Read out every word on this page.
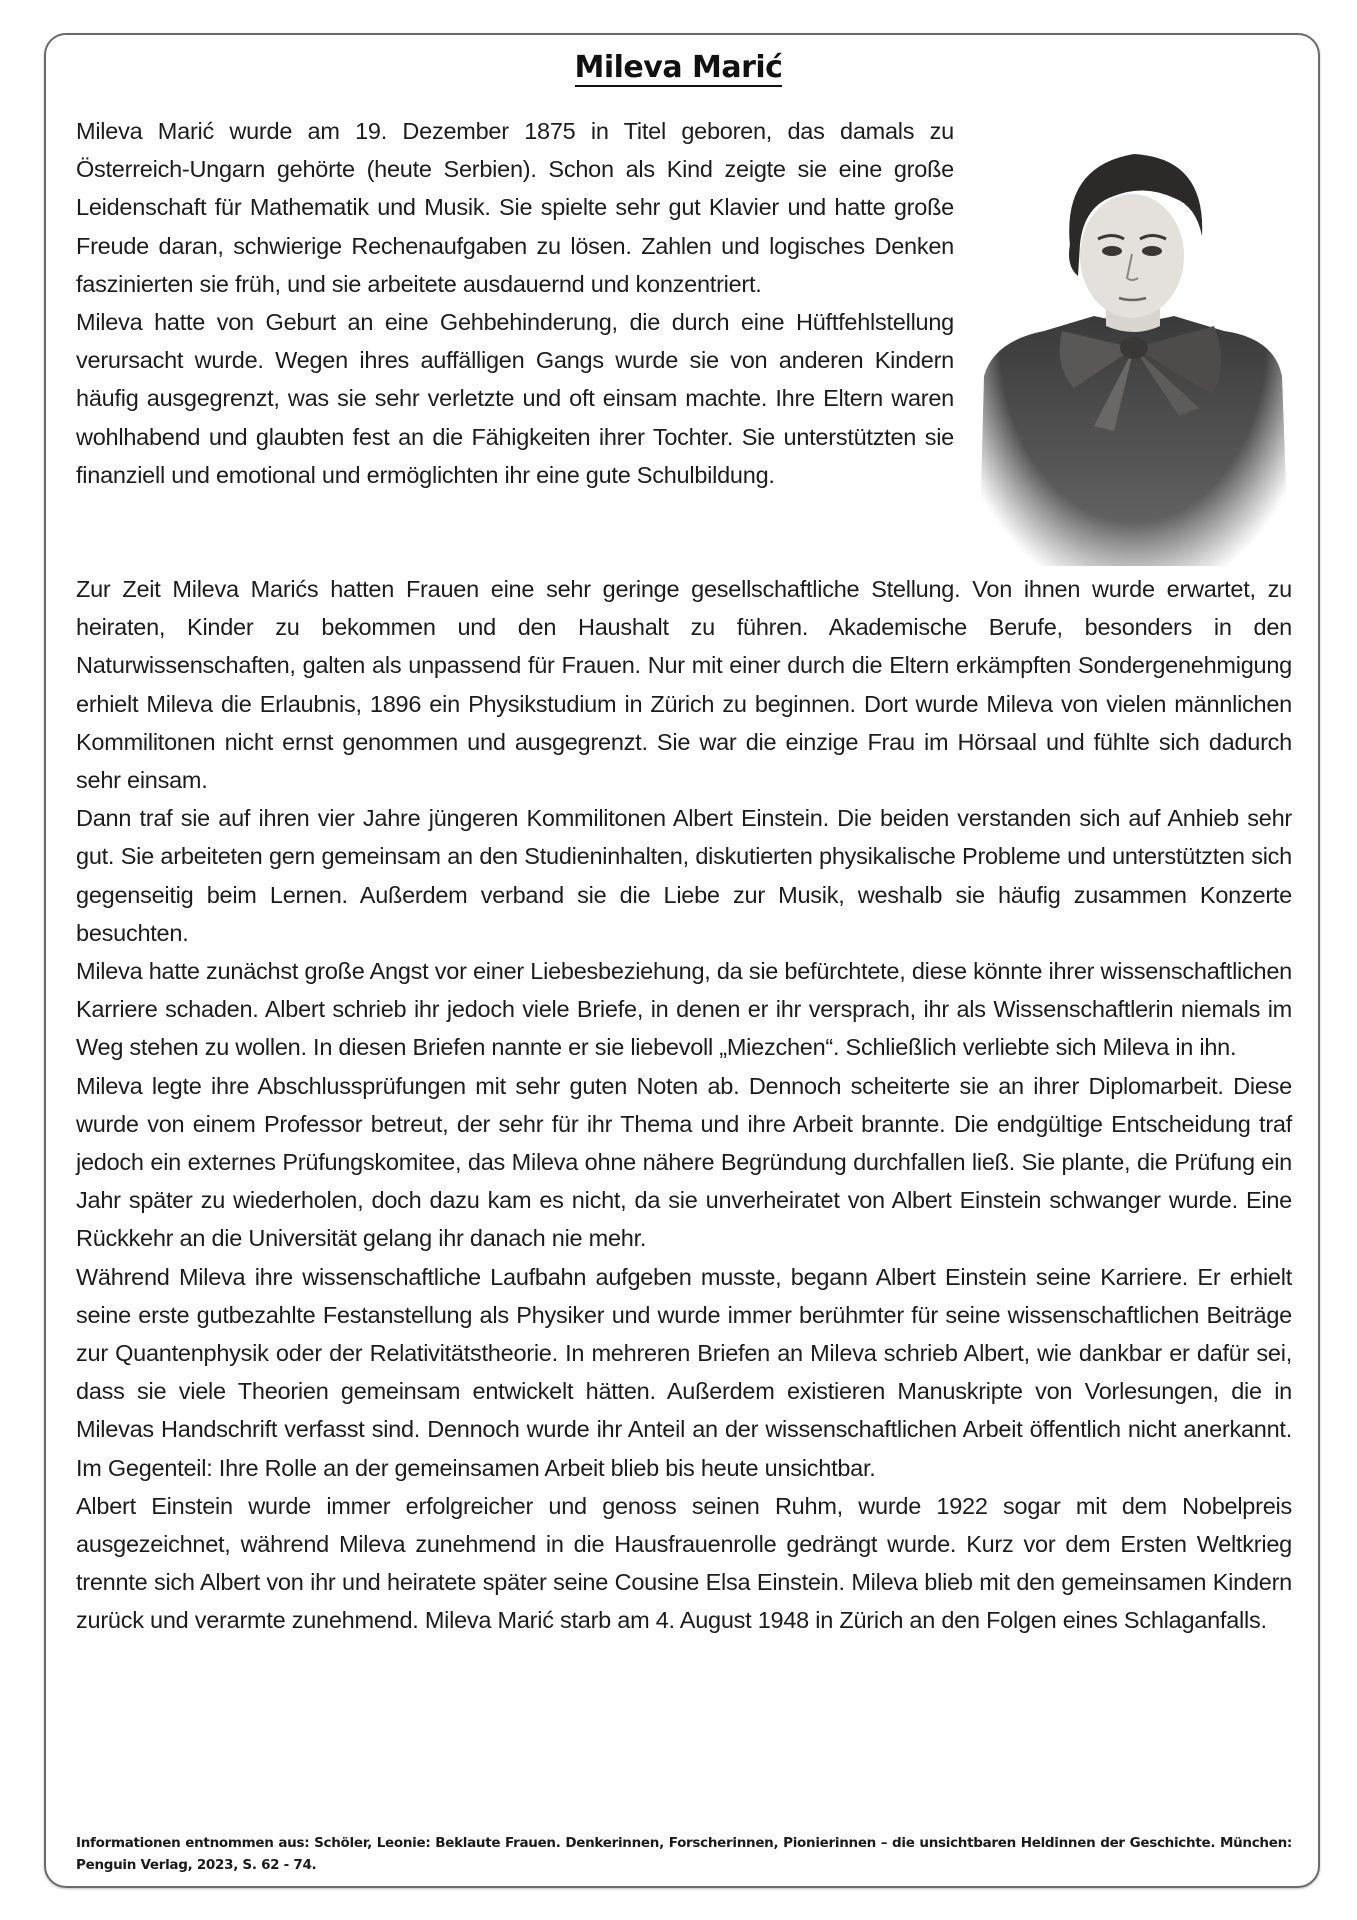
Mileva Marić

Mileva Marić wurde am 19. Dezember 1875 in Titel geboren, das damals zu Österreich-Ungarn gehörte (heute Serbien). Schon als Kind zeigte sie eine große Leidenschaft für Mathematik und Musik. Sie spielte sehr gut Klavier und hatte große Freude daran, schwierige Rechenaufgaben zu lösen. Zahlen und logisches Denken faszinierten sie früh, und sie arbeitete ausdauernd und konzentriert.

Mileva hatte von Geburt an eine Gehbehinderung, die durch eine Hüftfehlstellung verursacht wurde. Wegen ihres auffälligen Gangs wurde sie von anderen Kindern häufig ausgegrenzt, was sie sehr verletzte und oft einsam machte. Ihre Eltern waren wohlhabend und glaubten fest an die Fähigkeiten ihrer Tochter. Sie unterstützten sie finanziell und emotional und ermöglichten ihr eine gute Schulbildung.

Zur Zeit Mileva Marićs hatten Frauen eine sehr geringe gesellschaftliche Stellung. Von ihnen wurde erwartet, zu heiraten, Kinder zu bekommen und den Haushalt zu führen. Akademische Berufe, besonders in den Naturwissenschaften, galten als unpassend für Frauen. Nur mit einer durch die Eltern erkämpften Sondergenehmigung erhielt Mileva die Erlaubnis, 1896 ein Physikstudium in Zürich zu beginnen. Dort wurde Mileva von vielen männlichen Kommilitonen nicht ernst genommen und ausgegrenzt. Sie war die einzige Frau im Hörsaal und fühlte sich dadurch sehr einsam.

Dann traf sie auf ihren vier Jahre jüngeren Kommilitonen Albert Einstein. Die beiden verstanden sich auf Anhieb sehr gut. Sie arbeiteten gern gemeinsam an den Studieninhalten, diskutierten physikalische Probleme und unterstützten sich gegenseitig beim Lernen. Außerdem verband sie die Liebe zur Musik, weshalb sie häufig zusammen Konzerte besuchten.

Mileva hatte zunächst große Angst vor einer Liebesbeziehung, da sie befürchtete, diese könnte ihrer wissenschaftlichen Karriere schaden. Albert schrieb ihr jedoch viele Briefe, in denen er ihr versprach, ihr als Wissenschaftlerin niemals im Weg stehen zu wollen. In diesen Briefen nannte er sie liebevoll „Miezchen“. Schließlich verliebte sich Mileva in ihn.

Mileva legte ihre Abschlussprüfungen mit sehr guten Noten ab. Dennoch scheiterte sie an ihrer Diplomarbeit. Diese wurde von einem Professor betreut, der sehr für ihr Thema und ihre Arbeit brannte. Die endgültige Entscheidung traf jedoch ein externes Prüfungskomitee, das Mileva ohne nähere Begründung durchfallen ließ. Sie plante, die Prüfung ein Jahr später zu wiederholen, doch dazu kam es nicht, da sie unverheiratet von Albert Einstein schwanger wurde. Eine Rückkehr an die Universität gelang ihr danach nie mehr.

Während Mileva ihre wissenschaftliche Laufbahn aufgeben musste, begann Albert Einstein seine Karriere. Er erhielt seine erste gutbezahlte Festanstellung als Physiker und wurde immer berühmter für seine wissenschaftlichen Beiträge zur Quantenphysik oder der Relativitätstheorie. In mehreren Briefen an Mileva schrieb Albert, wie dankbar er dafür sei, dass sie viele Theorien gemeinsam entwickelt hätten. Außerdem existieren Manuskripte von Vorlesungen, die in Milevas Handschrift verfasst sind. Dennoch wurde ihr Anteil an der wissenschaftlichen Arbeit öffentlich nicht anerkannt. Im Gegenteil: Ihre Rolle an der gemeinsamen Arbeit blieb bis heute unsichtbar.

Albert Einstein wurde immer erfolgreicher und genoss seinen Ruhm, wurde 1922 sogar mit dem Nobelpreis ausgezeichnet, während Mileva zunehmend in die Hausfrauenrolle gedrängt wurde. Kurz vor dem Ersten Weltkrieg trennte sich Albert von ihr und heiratete später seine Cousine Elsa Einstein. Mileva blieb mit den gemeinsamen Kindern zurück und verarmte zunehmend. Mileva Marić starb am 4. August 1948 in Zürich an den Folgen eines Schlaganfalls.

Informationen entnommen aus: Schöler, Leonie: Beklaute Frauen. Denkerinnen, Forscherinnen, Pionierinnen – die unsichtbaren Heldinnen der Geschichte. München: Penguin Verlag, 2023, S. 62 - 74.
